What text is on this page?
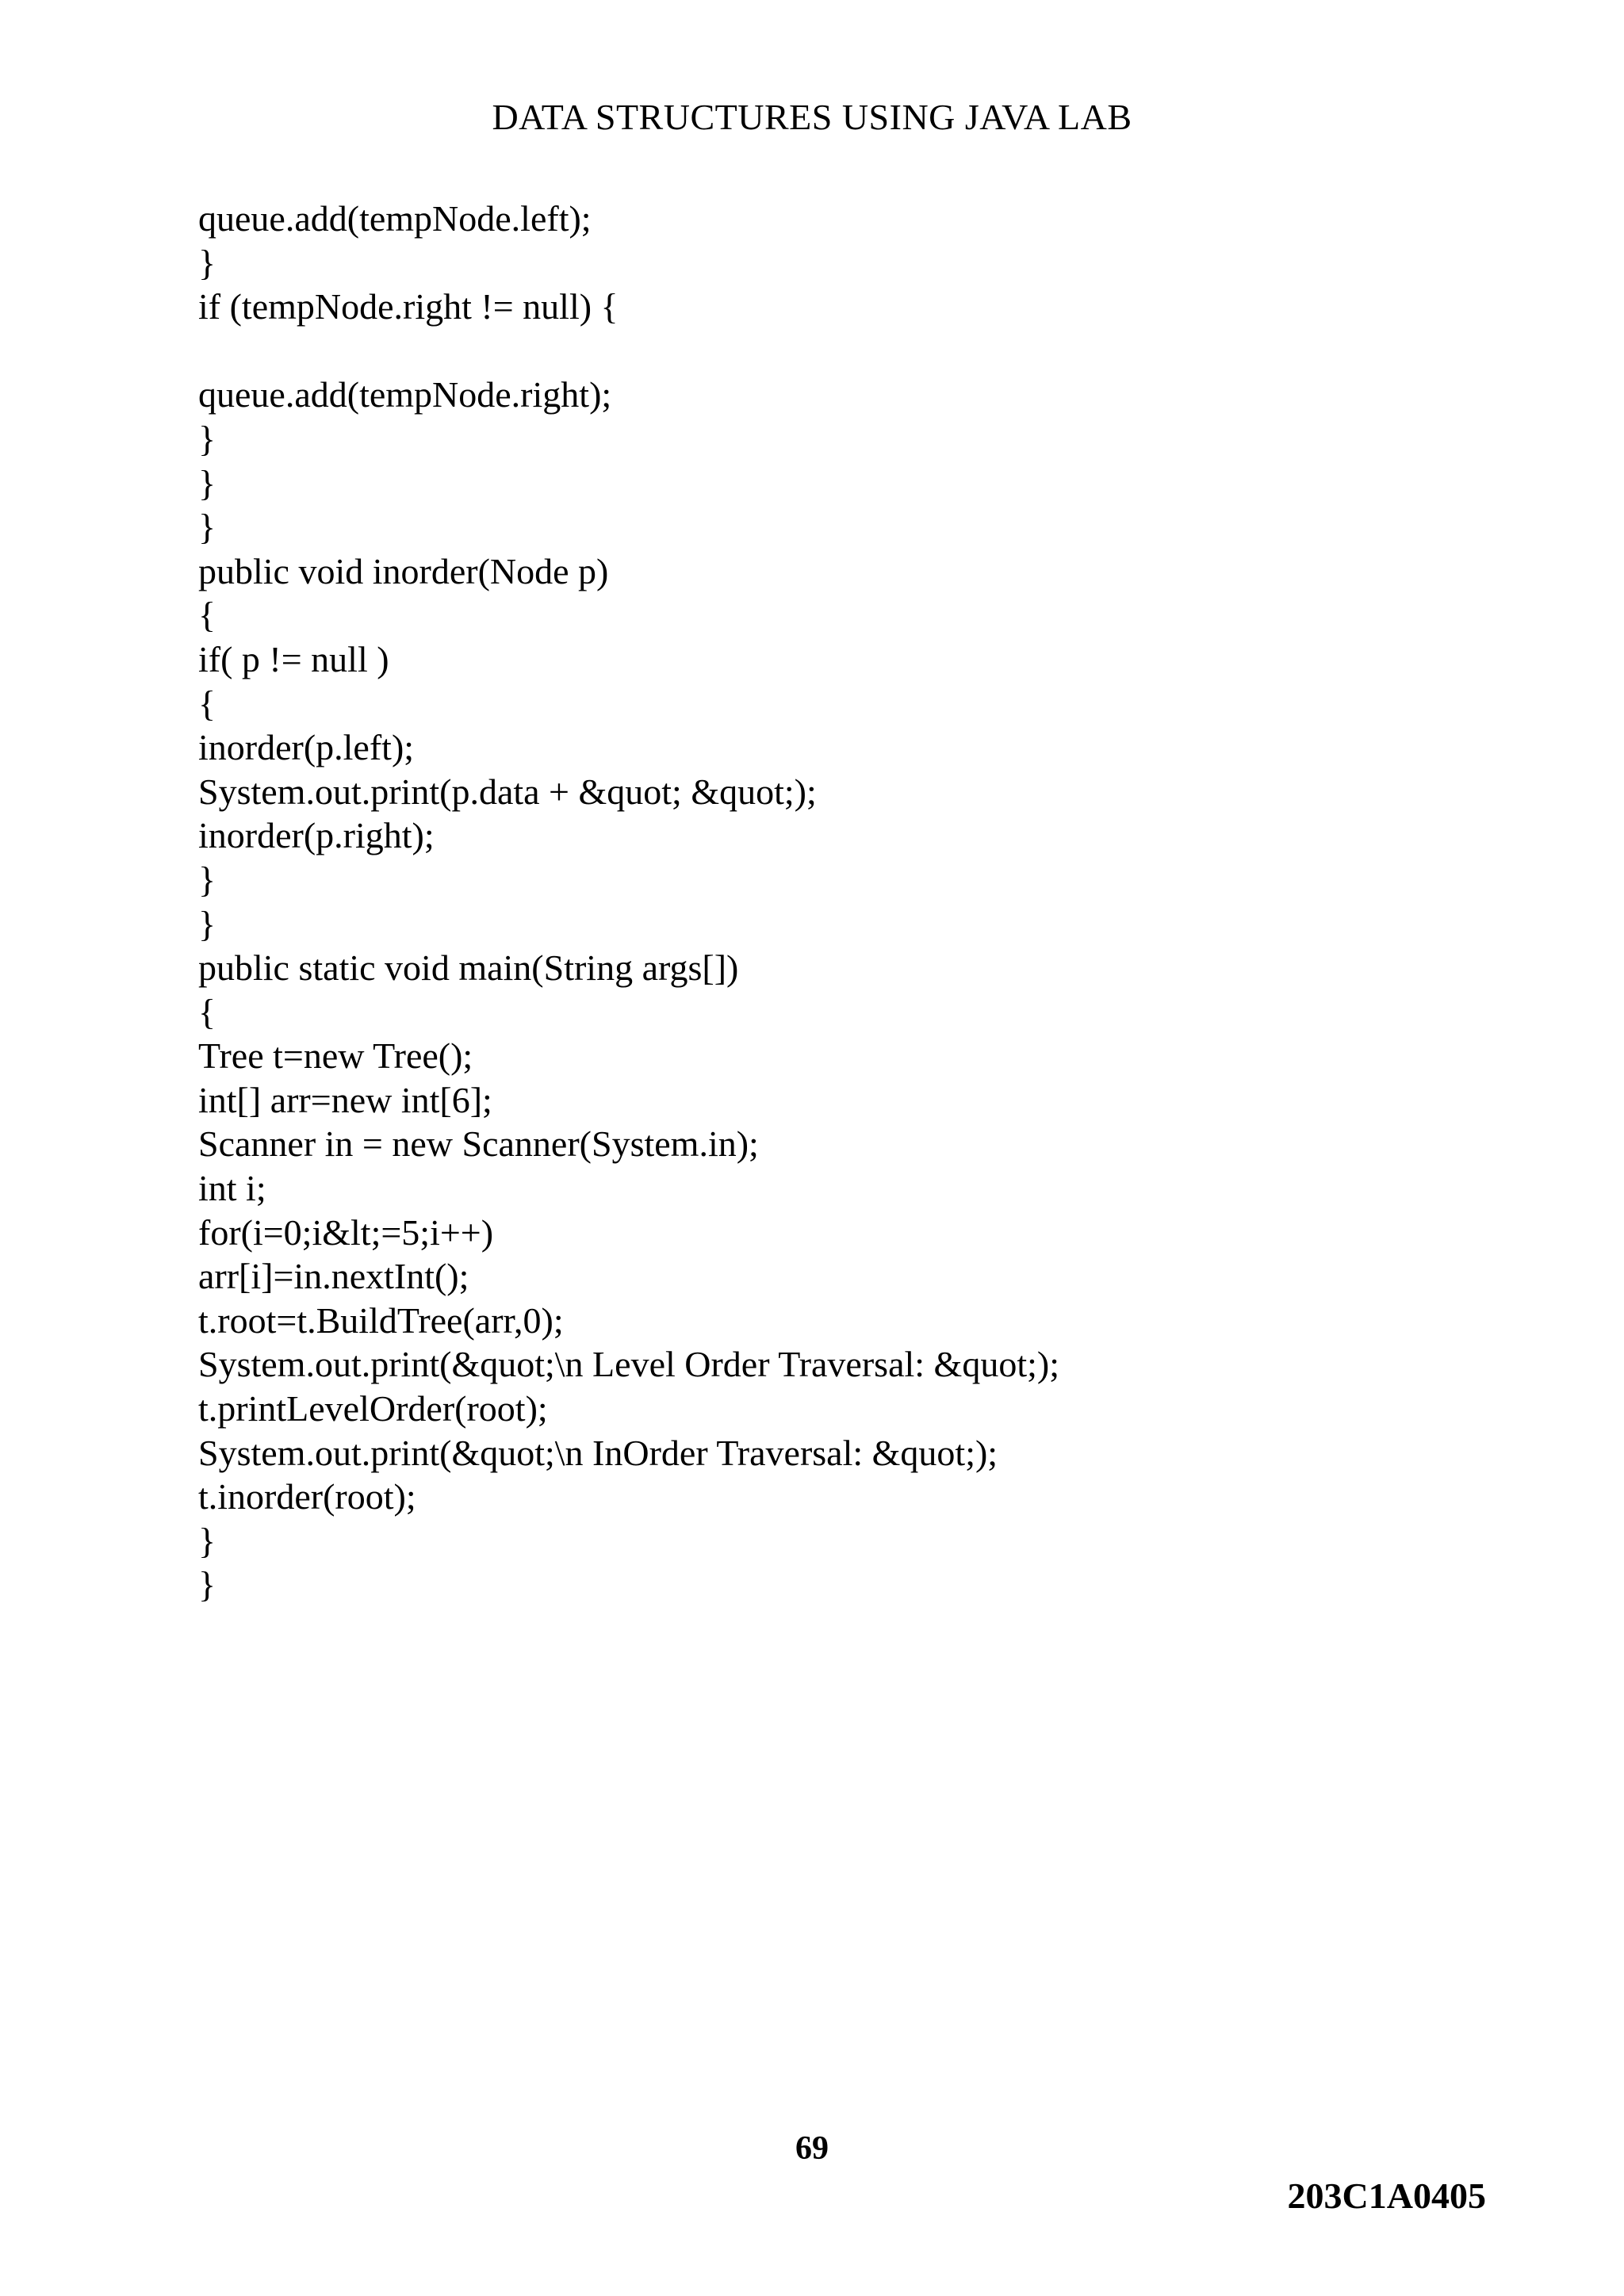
DATA STRUCTURES USING JAVA LAB
queue.add(tempNode.left);
}
if (tempNode.right != null) {
queue.add(tempNode.right);
}
}
}
public void inorder(Node p)
{
if( p != null )
{
inorder(p.left);
System.out.print(p.data + &quot; &quot;);
inorder(p.right);
}
}
public static void main(String args[])
{
Tree t=new Tree();
int[] arr=new int[6];
Scanner in = new Scanner(System.in);
int i;
for(i=0;i&lt;=5;i++)
arr[i]=in.nextInt();
t.root=t.BuildTree(arr,0);
System.out.print(&quot;\n Level Order Traversal: &quot;);
t.printLevelOrder(root);
System.out.print(&quot;\n InOrder Traversal: &quot;);
t.inorder(root);
}
}
69
203C1A0405
